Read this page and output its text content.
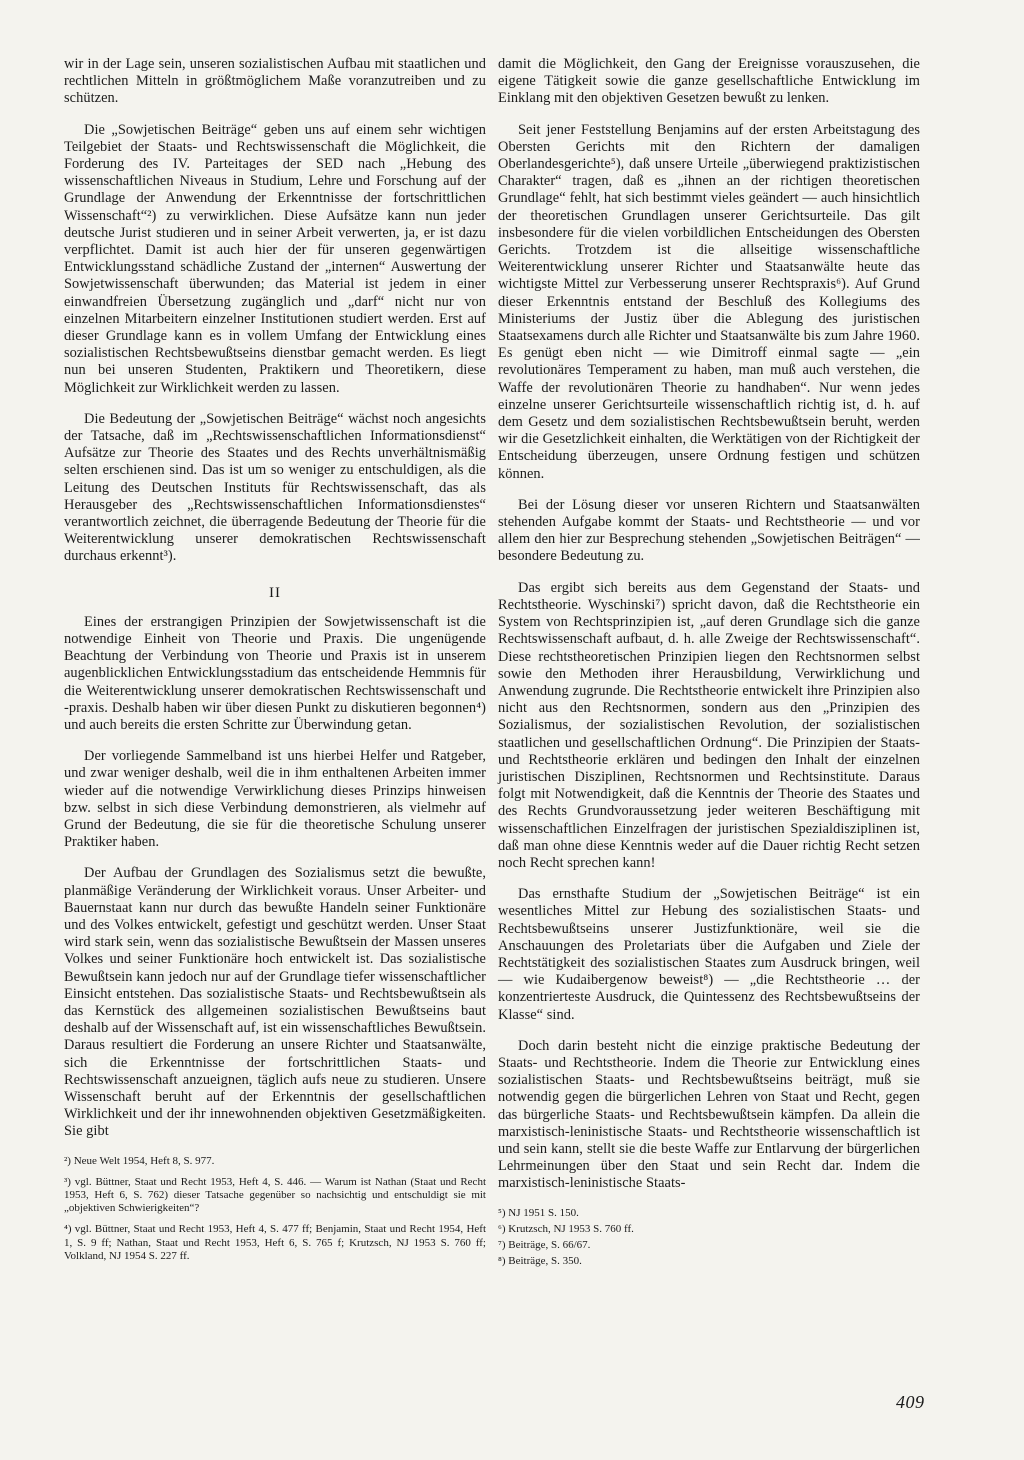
wir in der Lage sein, unseren sozialistischen Aufbau mit staatlichen und rechtlichen Mitteln in größtmöglichem Maße voranzutreiben und zu schützen.

Die „Sowjetischen Beiträge“ geben uns auf einem sehr wichtigen Teilgebiet der Staats- und Rechtswissenschaft die Möglichkeit, die Forderung des IV. Parteitages der SED nach „Hebung des wissenschaftlichen Niveaus in Studium, Lehre und Forschung auf der Grundlage der Anwendung der Erkenntnisse der fortschrittlichen Wissenschaft“²) zu verwirklichen. Diese Aufsätze kann nun jeder deutsche Jurist studieren und in seiner Arbeit verwerten, ja, er ist dazu verpflichtet. Damit ist auch hier der für unseren gegenwärtigen Entwicklungsstand schädliche Zustand der „internen“ Auswertung der Sowjetwissenschaft überwunden; das Material ist jedem in einer einwandfreien Übersetzung zugänglich und „darf“ nicht nur von einzelnen Mitarbeitern einzelner Institutionen studiert werden. Erst auf dieser Grundlage kann es in vollem Umfang der Entwicklung eines sozialistischen Rechtsbewußtseins dienstbar gemacht werden. Es liegt nun bei unseren Studenten, Praktikern und Theoretikern, diese Möglichkeit zur Wirklichkeit werden zu lassen.

Die Bedeutung der „Sowjetischen Beiträge“ wächst noch angesichts der Tatsache, daß im „Rechtswissenschaftlichen Informationsdienst“ Aufsätze zur Theorie des Staates und des Rechts unverhältnismäßig selten erschienen sind. Das ist um so weniger zu entschuldigen, als die Leitung des Deutschen Instituts für Rechtswissenschaft, das als Herausgeber des „Rechtswissenschaftlichen Informationsdienstes“ verantwortlich zeichnet, die überragende Bedeutung der Theorie für die Weiterentwicklung unserer demokratischen Rechtswissenschaft durchaus erkennt³).

II

Eines der erstrangigen Prinzipien der Sowjetwissenschaft ist die notwendige Einheit von Theorie und Praxis. Die ungenügende Beachtung der Verbindung von Theorie und Praxis ist in unserem augenblicklichen Entwicklungsstadium das entscheidende Hemmnis für die Weiterentwicklung unserer demokratischen Rechtswissenschaft und -praxis. Deshalb haben wir über diesen Punkt zu diskutieren begonnen⁴) und auch bereits die ersten Schritte zur Überwindung getan.

Der vorliegende Sammelband ist uns hierbei Helfer und Ratgeber, und zwar weniger deshalb, weil die in ihm enthaltenen Arbeiten immer wieder auf die notwendige Verwirklichung dieses Prinzips hinweisen bzw. selbst in sich diese Verbindung demonstrieren, als vielmehr auf Grund der Bedeutung, die sie für die theoretische Schulung unserer Praktiker haben.

Der Aufbau der Grundlagen des Sozialismus setzt die bewußte, planmäßige Veränderung der Wirklichkeit voraus. Unser Arbeiter- und Bauernstaat kann nur durch das bewußte Handeln seiner Funktionäre und des Volkes entwickelt, gefestigt und geschützt werden. Unser Staat wird stark sein, wenn das sozialistische Bewußtsein der Massen unseres Volkes und seiner Funktionäre hoch entwickelt ist. Das sozialistische Bewußtsein kann jedoch nur auf der Grundlage tiefer wissenschaftlicher Einsicht entstehen. Das sozialistische Staats- und Rechtsbewußtsein als das Kernstück des allgemeinen sozialistischen Bewußtseins baut deshalb auf der Wissenschaft auf, ist ein wissenschaftliches Bewußtsein. Daraus resultiert die Forderung an unsere Richter und Staatsanwälte, sich die Erkenntnisse der fortschrittlichen Staats- und Rechtswissenschaft anzueignen, täglich aufs neue zu studieren. Unsere Wissenschaft beruht auf der Erkenntnis der gesellschaftlichen Wirklichkeit und der ihr innewohnenden objektiven Gesetzmäßigkeiten. Sie gibt

²) Neue Welt 1954, Heft 8, S. 977.
³) vgl. Büttner, Staat und Recht 1953, Heft 4, S. 446. — Warum ist Nathan (Staat und Recht 1953, Heft 6, S. 762) dieser Tatsache gegenüber so nachsichtig und entschuldigt sie mit „objektiven Schwierigkeiten“?
⁴) vgl. Büttner, Staat und Recht 1953, Heft 4, S. 477 ff; Benjamin, Staat und Recht 1954, Heft 1, S. 9 ff; Nathan, Staat und Recht 1953, Heft 6, S. 765 f; Krutzsch, NJ 1953 S. 760 ff; Volkland, NJ 1954 S. 227 ff.

damit die Möglichkeit, den Gang der Ereignisse vorauszusehen, die eigene Tätigkeit sowie die ganze gesellschaftliche Entwicklung im Einklang mit den objektiven Gesetzen bewußt zu lenken.

Seit jener Feststellung Benjamins auf der ersten Arbeitstagung des Obersten Gerichts mit den Richtern der damaligen Oberlandesgerichte⁵), daß unsere Urteile „überwiegend praktizistischen Charakter“ tragen, daß es „ihnen an der richtigen theoretischen Grundlage“ fehlt, hat sich bestimmt vieles geändert — auch hinsichtlich der theoretischen Grundlagen unserer Gerichtsurteile. Das gilt insbesondere für die vielen vorbildlichen Entscheidungen des Obersten Gerichts. Trotzdem ist die allseitige wissenschaftliche Weiterentwicklung unserer Richter und Staatsanwälte heute das wichtigste Mittel zur Verbesserung unserer Rechtspraxis⁶). Auf Grund dieser Erkenntnis entstand der Beschluß des Kollegiums des Ministeriums der Justiz über die Ablegung des juristischen Staatsexamens durch alle Richter und Staatsanwälte bis zum Jahre 1960. Es genügt eben nicht — wie Dimitroff einmal sagte — „ein revolutionäres Temperament zu haben, man muß auch verstehen, die Waffe der revolutionären Theorie zu handhaben“. Nur wenn jedes einzelne unserer Gerichtsurteile wissenschaftlich richtig ist, d. h. auf dem Gesetz und dem sozialistischen Rechtsbewußtsein beruht, werden wir die Gesetzlichkeit einhalten, die Werktätigen von der Richtigkeit der Entscheidung überzeugen, unsere Ordnung festigen und schützen können.

Bei der Lösung dieser vor unseren Richtern und Staatsanwälten stehenden Aufgabe kommt der Staats- und Rechtstheorie — und vor allem den hier zur Besprechung stehenden „Sowjetischen Beiträgen“ — besondere Bedeutung zu.

Das ergibt sich bereits aus dem Gegenstand der Staats- und Rechtstheorie. Wyschinski⁷) spricht davon, daß die Rechtstheorie ein System von Rechtsprinzipien ist, „auf deren Grundlage sich die ganze Rechtswissenschaft aufbaut, d. h. alle Zweige der Rechtswissenschaft“. Diese rechtstheoretischen Prinzipien liegen den Rechtsnormen selbst sowie den Methoden ihrer Herausbildung, Verwirklichung und Anwendung zugrunde. Die Rechtstheorie entwickelt ihre Prinzipien also nicht aus den Rechtsnormen, sondern aus den „Prinzipien des Sozialismus, der sozialistischen Revolution, der sozialistischen staatlichen und gesellschaftlichen Ordnung“. Die Prinzipien der Staats- und Rechtstheorie erklären und bedingen den Inhalt der einzelnen juristischen Disziplinen, Rechtsnormen und Rechtsinstitute. Daraus folgt mit Notwendigkeit, daß die Kenntnis der Theorie des Staates und des Rechts Grundvoraussetzung jeder weiteren Beschäftigung mit wissenschaftlichen Einzelfragen der juristischen Spezialdisziplinen ist, daß man ohne diese Kenntnis weder auf die Dauer richtig Recht setzen noch Recht sprechen kann!

Das ernsthafte Studium der „Sowjetischen Beiträge“ ist ein wesentliches Mittel zur Hebung des sozialistischen Staats- und Rechtsbewußtseins unserer Justizfunktionäre, weil sie die Anschauungen des Proletariats über die Aufgaben und Ziele der Rechtstätigkeit des sozialistischen Staates zum Ausdruck bringen, weil — wie Kudaibergenow beweist⁸) — „die Rechtstheorie … der konzentrierteste Ausdruck, die Quintessenz des Rechtsbewußtseins der Klasse“ sind.

Doch darin besteht nicht die einzige praktische Bedeutung der Staats- und Rechtstheorie. Indem die Theorie zur Entwicklung eines sozialistischen Staats- und Rechtsbewußtseins beiträgt, muß sie notwendig gegen die bürgerlichen Lehren von Staat und Recht, gegen das bürgerliche Staats- und Rechtsbewußtsein kämpfen. Da allein die marxistisch-leninistische Staats- und Rechtstheorie wissenschaftlich ist und sein kann, stellt sie die beste Waffe zur Entlarvung der bürgerlichen Lehrmeinungen über den Staat und sein Recht dar. Indem die marxistisch-leninistische Staats-

⁵) NJ 1951 S. 150.
⁶) Krutzsch, NJ 1953 S. 760 ff.
⁷) Beiträge, S. 66/67.
⁸) Beiträge, S. 350.
409
